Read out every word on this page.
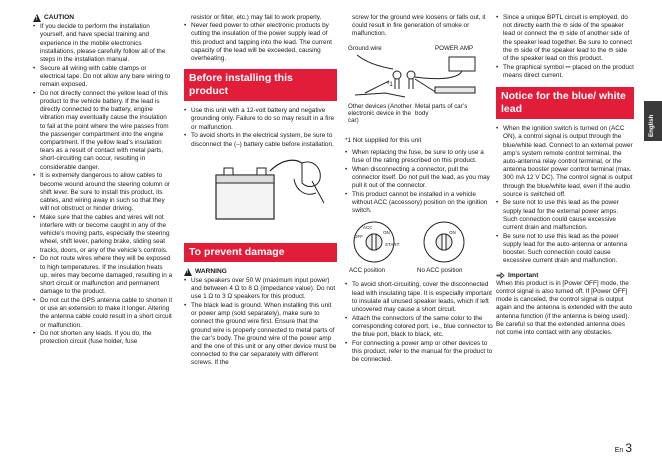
! CAUTION
• If you decide to perform the installation yourself, and have special training and experience in the mobile electronics installations, please carefully follow all of the steps in the installation manual.
• Secure all wiring with cable clamps or electrical tape. Do not allow any bare wiring to remain exposed.
• Do not directly connect the yellow lead of this product to the vehicle battery. If the lead is directly connected to the battery, engine vibration may eventually cause the insulation to fail at the point where the wire passes from the passenger compartment into the engine compartment. If the yellow lead’s insulation tears as a result of contact with metal parts, short-circuiting can occur, resulting in considerable danger.
• It is extremely dangerous to allow cables to become wound around the steering column or shift lever. Be sure to install this product, its cables, and wiring away in such so that they will not obstruct or hinder driving.
• Make sure that the cables and wires will not interfere with or become caught in any of the vehicle’s moving parts, especially the steering wheel, shift lever, parking brake, sliding seat tracks, doors, or any of the vehicle’s controls.
• Do not route wires where they will be exposed to high temperatures. If the insulation heats up, wires may become damaged, resulting in a short circuit or malfunction and permanent damage to the product.
• Do not cut the GPS antenna cable to shorten it or use an extension to make it longer. Altering the antenna cable could result in a short circuit or malfunction.
• Do not shorten any leads. If you do, the protection circuit (fuse holder, fuse
resistor or filter, etc.) may fail to work properly.
• Never feed power to other electronic products by cutting the insulation of the power supply lead of this product and tapping into the lead. The current capacity of the lead will be exceeded, causing overheating.
Before installing this product
• Use this unit with a 12-volt battery and negative grounding only. Failure to do so may result in a fire or malfunction.
• To avoid shorts in the electrical system, be sure to disconnect the (–) battery cable before installation.
To prevent damage
! WARNING
• Use speakers over 50 W (maximum input power) and between 4 Ω to 8 Ω (impedance value). Do not use 1 Ω to 3 Ω speakers for this product.
• The black lead is ground. When installing this unit or power amp (sold separately), make sure to connect the ground wire first. Ensure that the ground wire is properly connected to metal parts of the car’s body. The ground wire of the power amp and the one of this unit or any other device must be connected to the car separately with different screws. If the
screw for the ground wire loosens or falls out, it could result in fire generation of smoke or malfunction.
Ground wire	POWER AMP
*1
Other devices (Another electronic device in the car)
Metal parts of car’s body
*1 Not supplied for this unit
• When replacing the fuse, be sure to only use a fuse of the rating prescribed on this product.
• When disconnecting a connector, pull the connector itself. Do not pull the lead, as you may pull it out of the connector.
• This product cannot be installed in a vehicle without ACC (accessory) position on the ignition switch.
ACC
ON
START
OFF
ON
ACC position	No ACC position
• To avoid short-circuiting, cover the disconnected lead with insulating tape. It is especially important to insulate all unused speaker leads, which if left uncovered may cause a short circuit.
• Attach the connectors of the same color to the corresponding colored port, i.e., blue connector to the blue port, black to black, etc.
• For connecting a power amp or other devices to this product, refer to the manual for the product to be connected.
• Since a unique BPTL circuit is employed, do not directly earth the ⊖ side of the speaker lead or connect the ⊖ side of another side of the speaker lead together. Be sure to connect the ⊖ side of the speaker lead to the ⊖ side of the speaker lead on this product.
• The graphical symbol ⎓ placed on the product means direct current.
Notice for the blue/ white lead
• When the ignition switch is turned on (ACC ON), a control signal is output through the blue/white lead. Connect to an external power amp’s system remote control terminal, the auto-antenna relay control terminal, or the antenna booster power control terminal (max. 300 mA 12 V DC). The control signal is output through the blue/white lead, even if the audio source is switched off.
• Be sure not to use this lead as the power supply lead for the external power amps. Such connection could cause excessive current drain and malfunction.
• Be sure not to use this lead as the power supply lead for the auto-antenna or antenna booster. Such connection could cause excessive current drain and malfunction.
Important
When this product is in [Power OFF] mode, the control signal is also turned off. If [Power OFF] mode is canceled, the control signal is output again and the antenna is extended with the auto antenna function (if the antenna is being used). Be careful so that the extended antenna does not come into contact with any obstacles.
English
En 3
